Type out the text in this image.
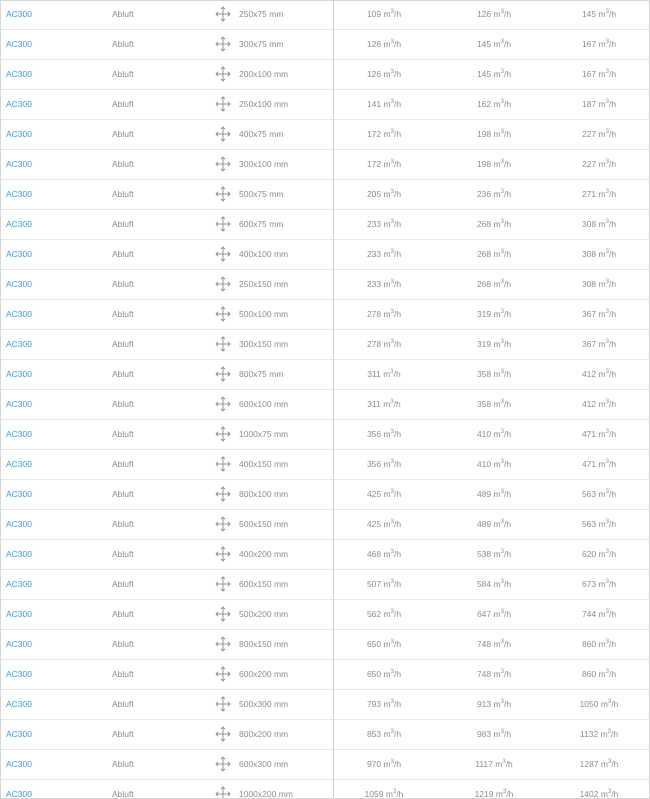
AC300	Abluft	250x75 mm	109 $m^3/h$	126 $m^3/h$	145 $m^3/h$
AC300	Abluft	300x75 mm	126 $m^3/h$	145 $m^3/h$	167 $m^3/h$
AC300	Abluft	200x100 mm	126 $m^3/h$	145 $m^3/h$	167 $m^3/h$
AC300	Abluft	250x100 mm	141 $m^3/h$	162 $m^3/h$	187 $m^3/h$
AC300	Abluft	400x75 mm	172 $m^3/h$	198 $m^3/h$	227 $m^3/h$
AC300	Abluft	300x100 mm	172 $m^3/h$	198 $m^3/h$	227 $m^3/h$
AC300	Abluft	500x75 mm	205 $m^3/h$	236 $m^3/h$	271 $m^3/h$
AC300	Abluft	600x75 mm	233 $m^3/h$	268 $m^3/h$	308 $m^3/h$
AC300	Abluft	400x100 mm	233 $m^3/h$	268 $m^3/h$	308 $m^3/h$
AC300	Abluft	250x150 mm	233 $m^3/h$	268 $m^3/h$	308 $m^3/h$
AC300	Abluft	500x100 mm	278 $m^3/h$	319 $m^3/h$	367 $m^3/h$
AC300	Abluft	300x150 mm	278 $m^3/h$	319 $m^3/h$	367 $m^3/h$
AC300	Abluft	800x75 mm	311 $m^3/h$	358 $m^3/h$	412 $m^3/h$
AC300	Abluft	600x100 mm	311 $m^3/h$	358 $m^3/h$	412 $m^3/h$
AC300	Abluft	1000x75 mm	356 $m^3/h$	410 $m^3/h$	471 $m^3/h$
AC300	Abluft	400x150 mm	356 $m^3/h$	410 $m^3/h$	471 $m^3/h$
AC300	Abluft	800x100 mm	425 $m^3/h$	489 $m^3/h$	563 $m^3/h$
AC300	Abluft	500x150 mm	425 $m^3/h$	489 $m^3/h$	563 $m^3/h$
AC300	Abluft	400x200 mm	468 $m^3/h$	538 $m^3/h$	620 $m^3/h$
AC300	Abluft	600x150 mm	507 $m^3/h$	584 $m^3/h$	673 $m^3/h$
AC300	Abluft	500x200 mm	562 $m^3/h$	647 $m^3/h$	744 $m^3/h$
AC300	Abluft	800x150 mm	650 $m^3/h$	748 $m^3/h$	860 $m^3/h$
AC300	Abluft	600x200 mm	650 $m^3/h$	748 $m^3/h$	860 $m^3/h$
AC300	Abluft	500x300 mm	793 $m^3/h$	913 $m^3/h$	1050 $m^3/h$
AC300	Abluft	800x200 mm	853 $m^3/h$	983 $m^3/h$	1132 $m^3/h$
AC300	Abluft	600x300 mm	970 $m^3/h$	1117 $m^3/h$	1287 $m^3/h$
AC300	Abluft	1000x200 mm	1059 $m^3/h$	1219 $m^3/h$	1402 $m^3/h$
